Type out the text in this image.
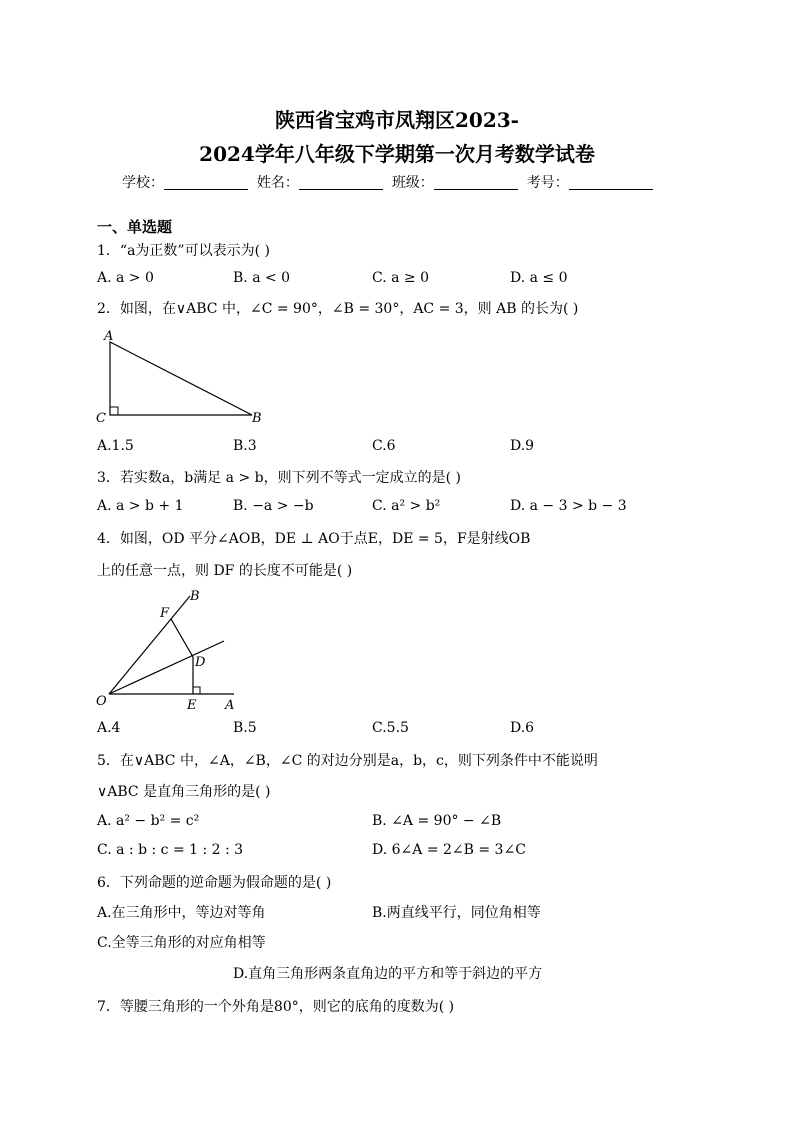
陕西省宝鸡市凤翔区2023-
2024学年八年级下学期第一次月考数学试卷
学校：	姓名：	班级：	考号：
一、单选题
1．“a为正数”可以表示为( )
A. a > 0	B. a < 0	C. a ≥ 0	D. a ≤ 0
2．如图，在∨ABC 中，∠C = 90°，∠B = 30°，AC = 3，则 AB 的长为( )
A
C	B
A.1.5	B.3	C.6	D.9
3．若实数a，b满足 a > b，则下列不等式一定成立的是( )
A. a > b + 1	B. −a > −b	C. a² > b²	D. a − 3 > b − 3
4．如图，OD 平分∠AOB，DE ⊥ AO于点E，DE = 5，F是射线OB
上的任意一点，则 DF 的长度不可能是( )
B
F
D
O	E A
A.4	B.5	C.5.5	D.6
5．在∨ABC 中，∠A，∠B，∠C 的对边分别是a，b，c，则下列条件中不能说明
∨ABC 是直角三角形的是( )
A. a² − b² = c²	B. ∠A = 90° − ∠B
C. a : b : c = 1 : 2 : 3	D. 6∠A = 2∠B = 3∠C
6．下列命题的逆命题为假命题的是( )
A.在三角形中，等边对等角	B.两直线平行，同位角相等
C.全等三角形的对应角相等
D.直角三角形两条直角边的平方和等于斜边的平方
7．等腰三角形的一个外角是80°，则它的底角的度数为( )
